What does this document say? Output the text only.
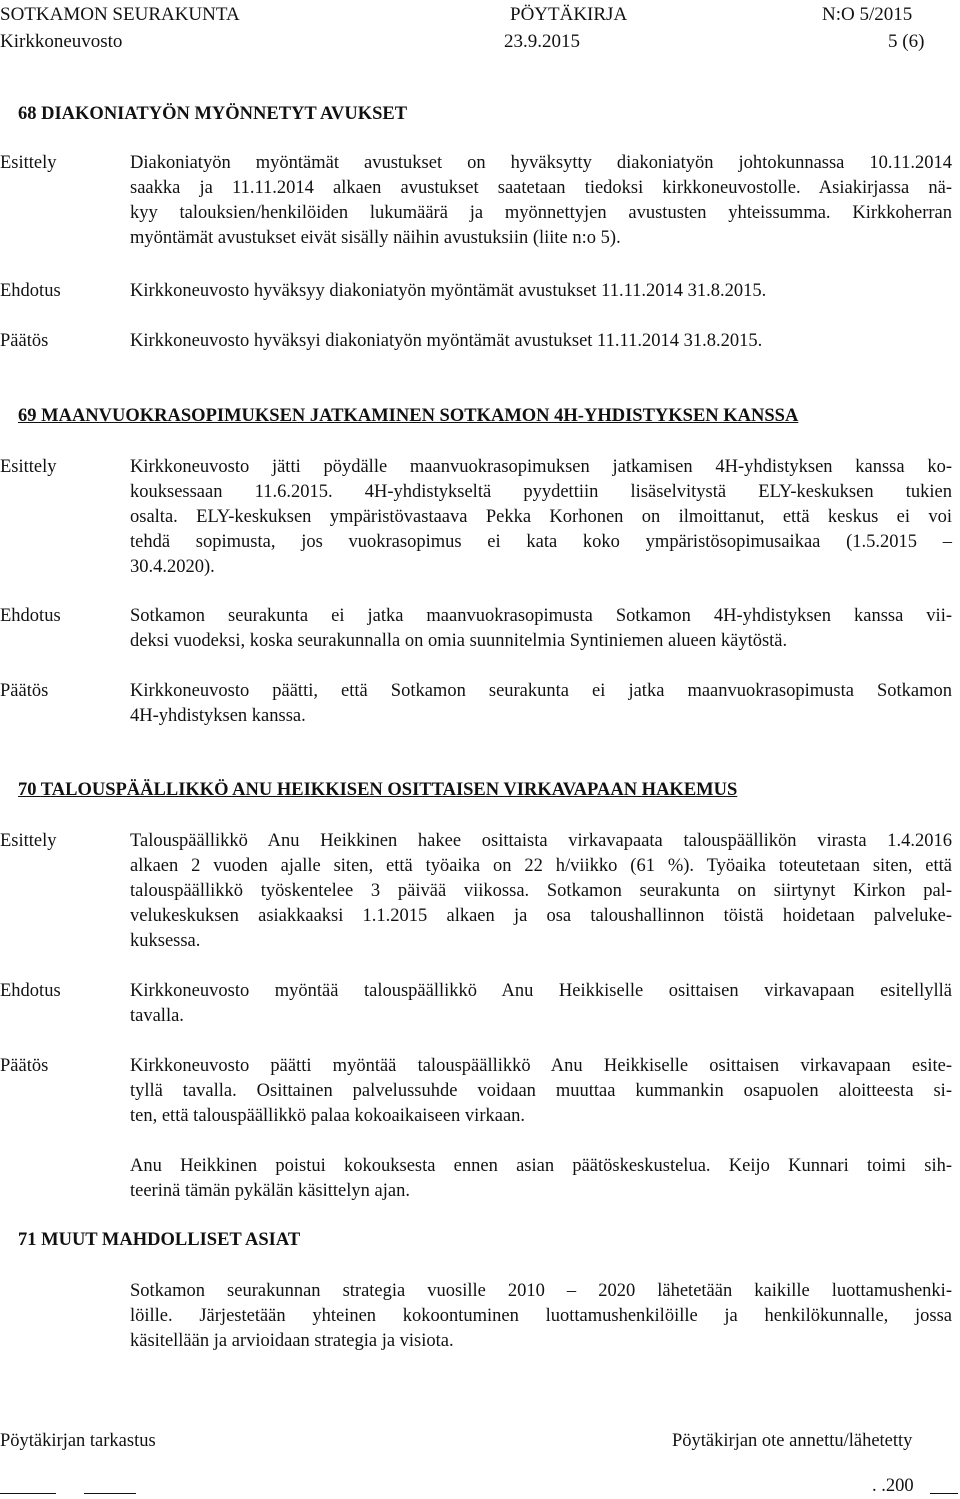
SOTKAMON SEURAKUNTA	PÖYTÄKIRJA	N:O 5/2015
Kirkkoneuvosto	23.9.2015	5 (6)
68 DIAKONIATYÖN MYÖNNETYT AVUKSET
Esittely	Diakoniatyön myöntämät avustukset on hyväksytty diakoniatyön johtokunnassa 10.11.2014
saakka ja 11.11.2014 alkaen avustukset saatetaan tiedoksi kirkkoneuvostolle. Asiakirjassa nä-
kyy talouksien/henkilöiden lukumäärä ja myönnettyjen avustusten yhteissumma. Kirkkoherran
myöntämät avustukset eivät sisälly näihin avustuksiin (liite n:o 5).
Ehdotus	Kirkkoneuvosto hyväksyy diakoniatyön myöntämät avustukset 11.11.2014 31.8.2015.
Päätös	Kirkkoneuvosto hyväksyi diakoniatyön myöntämät avustukset 11.11.2014 31.8.2015.
69 MAANVUOKRASOPIMUKSEN JATKAMINEN SOTKAMON 4H-YHDISTYKSEN KANSSA
Esittely	Kirkkoneuvosto jätti pöydälle maanvuokrasopimuksen jatkamisen 4H-yhdistyksen kanssa ko-
kouksessaan 11.6.2015. 4H-yhdistykseltä pyydettiin lisäselvitystä ELY-keskuksen tukien
osalta. ELY-keskuksen ympäristövastaava Pekka Korhonen on ilmoittanut, että keskus ei voi
tehdä sopimusta, jos vuokrasopimus ei kata koko ympäristösopimusaikaa (1.5.2015 –
30.4.2020).
Ehdotus	Sotkamon seurakunta ei jatka maanvuokrasopimusta Sotkamon 4H-yhdistyksen kanssa vii-
deksi vuodeksi, koska seurakunnalla on omia suunnitelmia Syntiniemen alueen käytöstä.
Päätös	Kirkkoneuvosto päätti, että Sotkamon seurakunta ei jatka maanvuokrasopimusta Sotkamon
4H-yhdistyksen kanssa.
70 TALOUSPÄÄLLIKKÖ ANU HEIKKISEN OSITTAISEN VIRKAVAPAAN HAKEMUS
Esittely	Talouspäällikkö Anu Heikkinen hakee osittaista virkavapaata talouspäällikön virasta 1.4.2016
alkaen 2 vuoden ajalle siten, että työaika on 22 h/viikko (61 %). Työaika toteutetaan siten, että
talouspäällikkö työskentelee 3 päivää viikossa. Sotkamon seurakunta on siirtynyt Kirkon pal-
velukeskuksen asiakkaaksi 1.1.2015 alkaen ja osa taloushallinnon töistä hoidetaan palveluke-
kuksessa.
Ehdotus	Kirkkoneuvosto myöntää talouspäällikkö Anu Heikkiselle osittaisen virkavapaan esitellyllä
tavalla.
Päätös	Kirkkoneuvosto päätti myöntää talouspäällikkö Anu Heikkiselle osittaisen virkavapaan esite-
tyllä tavalla. Osittainen palvelussuhde voidaan muuttaa kummankin osapuolen aloitteesta si-
ten, että talouspäällikkö palaa kokoaikaiseen virkaan.
Anu Heikkinen poistui kokouksesta ennen asian päätöskeskustelua. Keijo Kunnari toimi sih-
teerinä tämän pykälän käsittelyn ajan.
71 MUUT MAHDOLLISET ASIAT
Sotkamon seurakunnan strategia vuosille 2010 – 2020 lähetetään kaikille luottamushenki-
löille. Järjestetään yhteinen kokoontuminen luottamushenkilöille ja henkilökunnalle, jossa
käsitellään ja arvioidaan strategia ja visiota.
Pöytäkirjan tarkastus	Pöytäkirjan ote annettu/lähetetty
. .200
